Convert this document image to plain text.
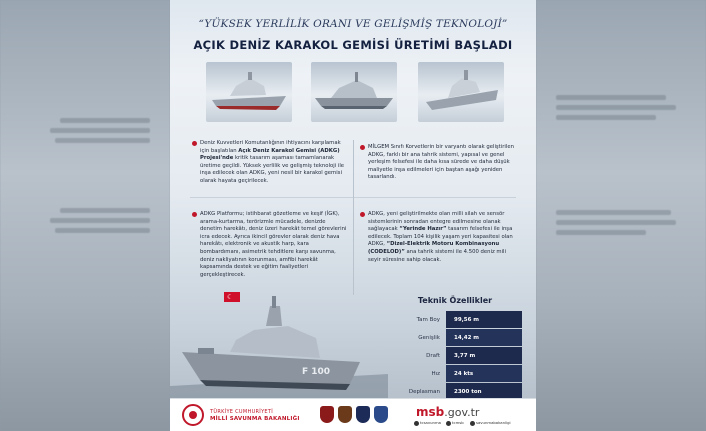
“YÜKSEK YERLİLİK ORANI VE GELİŞMİŞ TEKNOLOJİ”
AÇIK DENİZ KARAKOL GEMİSİ ÜRETİMİ BAŞLADI
Deniz Kuvvetleri Komutanlığının ihtiyacını karşılamak için başlatılan Açık Deniz Karakol Gemisi (ADKG) Projesi'nde kritik tasarım aşaması tamamlanarak üretime geçildi. Yüksek yerlilik ve gelişmiş teknoloji ile inşa edilecek olan ADKG, yeni nesil bir karakol gemisi olarak hayata geçirilecek.
MİLGEM Sınıfı Korvetlerin bir varyantı olarak geliştirilen ADKG, farklı bir ana tahrik sistemi, yapısal ve genel yerleşim felsefesi ile daha kısa sürede ve daha düşük maliyetle inşa edilmeleri için baştan aşağı yeniden tasarlandı.
ADKG Platformu; istihbarat gözetleme ve keşif (İGK), arama-kurtarma, terörizmle mücadele, denizde denetim harekâtı, deniz üzeri harekât temel görevlerini icra edecek. Ayrıca ikincil görevler olarak deniz hava harekâtı, elektronik ve akustik harp, kara bombardımanı, asimetrik tehditlere karşı savunma, deniz nakliyatının korunması, amfibi harekât kapsamında destek ve eğitim faaliyetleri gerçekleştirecek.
ADKG, yeni geliştirilmekte olan milli silah ve sensör sistemlerinin sonradan entegre edilmesine olanak sağlayacak “Yerinde Hazır” tasarım felsefesi ile inşa edilecek. Toplam 104 kişilik yaşam yeri kapasitesi olan ADKG, “Dizel-Elektrik Motoru Kombinasyonu (CODELOD)” ana tahrik sistemi ile 4.500 deniz mili seyir süresine sahip olacak.
F 100
☾	Teknik Özellikler
Tam Boy	99,56 m
Genişlik	14,42 m
Draft	3,77 m
Hız	24 kts
Deplasman	2300 ton
TÜRKİYE CUMHURİYETİ
MİLLİ SAVUNMA BAKANLIĞI	msb.gov.tr
tcsavunma	tcmsb	savunmabakanligi
